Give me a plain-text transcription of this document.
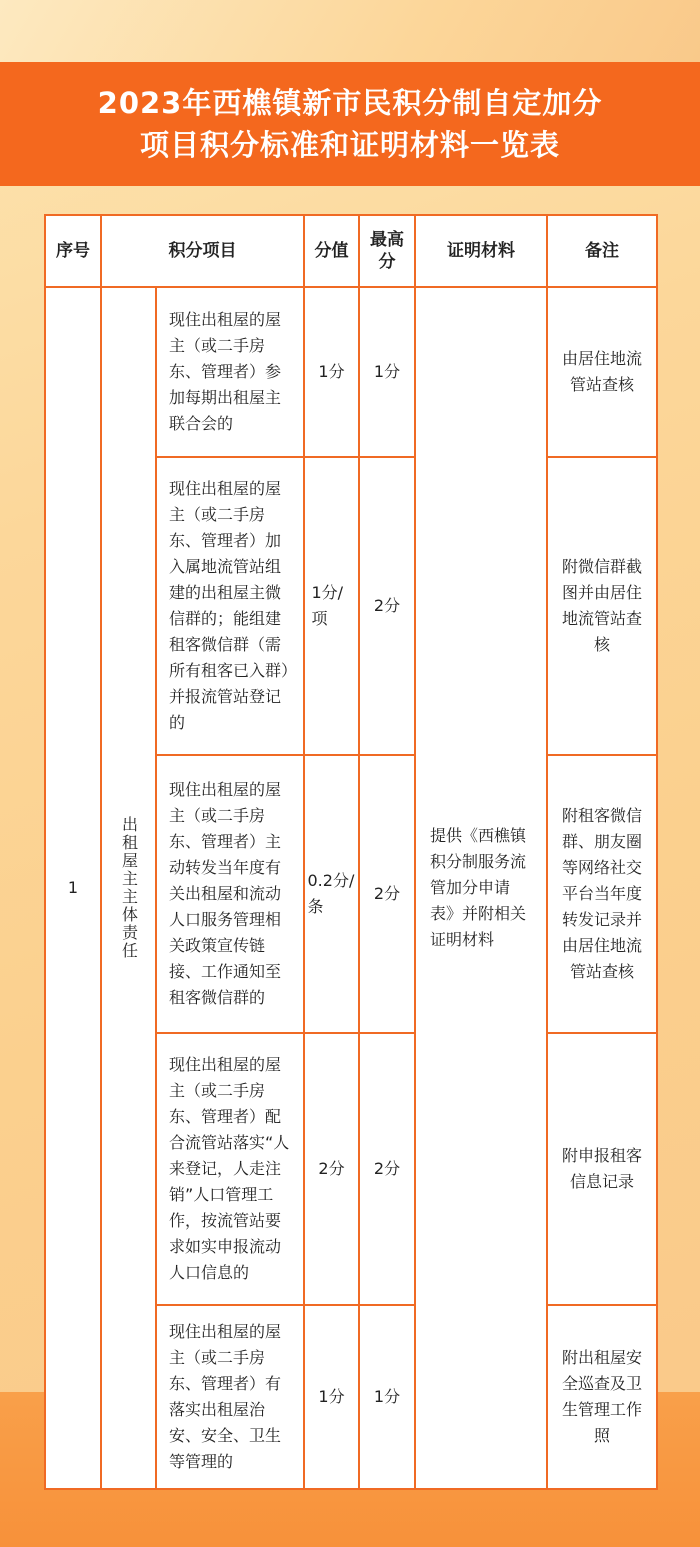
2023年西樵镇新市民积分制自定加分
项目积分标准和证明材料一览表
序号	积分项目		分值	最高分	证明材料	备注
1	出租屋主主体责任	现住出租屋的屋主（或二手房东、管理者）参加每期出租屋主联合会的	1分	1分	提供《西樵镇积分制服务流管加分申请表》并附相关证明材料	由居住地流管站查核
		现住出租屋的屋主（或二手房东、管理者）加入属地流管站组建的出租屋主微信群的；能组建租客微信群（需所有租客已入群）并报流管站登记的	1分/项	2分		附微信群截图并由居住地流管站查核
		现住出租屋的屋主（或二手房东、管理者）主动转发当年度有关出租屋和流动人口服务管理相关政策宣传链接、工作通知至租客微信群的	0.2分/条	2分		附租客微信群、朋友圈等网络社交平台当年度转发记录并由居住地流管站查核
		现住出租屋的屋主（或二手房东、管理者）配合流管站落实“人来登记，人走注销”人口管理工作，按流管站要求如实申报流动人口信息的	2分	2分		附申报租客信息记录
		现住出租屋的屋主（或二手房东、管理者）有落实出租屋治安、安全、卫生等管理的	1分	1分		附出租屋安全巡查及卫生管理工作照
